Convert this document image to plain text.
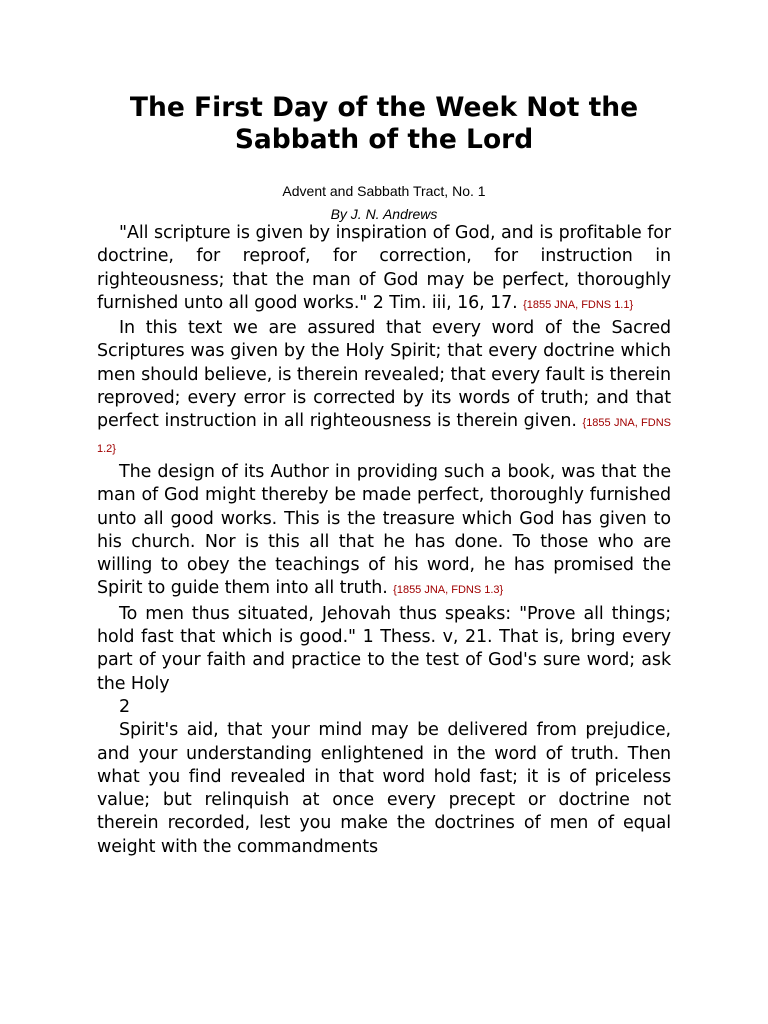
The First Day of the Week Not the Sabbath of the Lord
Advent and Sabbath Tract, No. 1
By J. N. Andrews

"All scripture is given by inspiration of God, and is profitable for doctrine, for reproof, for correction, for instruction in righteousness; that the man of God may be perfect, thoroughly furnished unto all good works." 2 Tim. iii, 16, 17. {1855 JNA, FDNS 1.1}

In this text we are assured that every word of the Sacred Scriptures was given by the Holy Spirit; that every doctrine which men should believe, is therein revealed; that every fault is therein reproved; every error is corrected by its words of truth; and that perfect instruction in all righteousness is therein given. {1855 JNA, FDNS 1.2}

The design of its Author in providing such a book, was that the man of God might thereby be made perfect, thoroughly furnished unto all good works. This is the treasure which God has given to his church. Nor is this all that he has done. To those who are willing to obey the teachings of his word, he has promised the Spirit to guide them into all truth. {1855 JNA, FDNS 1.3}

To men thus situated, Jehovah thus speaks: "Prove all things; hold fast that which is good." 1 Thess. v, 21. That is, bring every part of your faith and practice to the test of God's sure word; ask the Holy

2

Spirit's aid, that your mind may be delivered from prejudice, and your understanding enlightened in the word of truth. Then what you find revealed in that word hold fast; it is of priceless value; but relinquish at once every precept or doctrine not therein recorded, lest you make the doctrines of men of equal weight with the commandments
